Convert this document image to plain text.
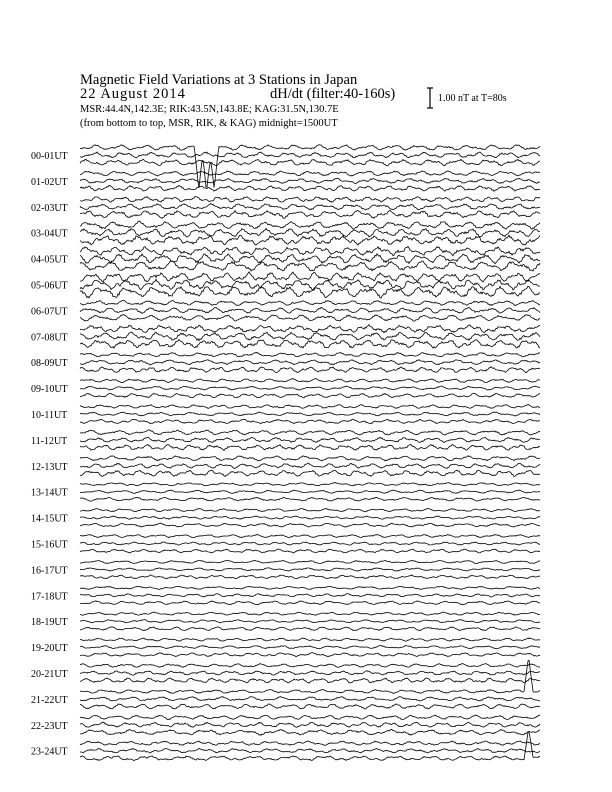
Magnetic Field Variations at 3 Stations in Japan
22 August 2014	dH/dt (filter:40-160s)
MSR:44.4N,142.3E; RIK:43.5N,143.8E; KAG:31.5N,130.7E
(from bottom to top, MSR, RIK, & KAG) midnight=1500UT
1.00 nT at T=80s
00-01UT
01-02UT
02-03UT
03-04UT
04-05UT
05-06UT
06-07UT
07-08UT
08-09UT
09-10UT
10-11UT
11-12UT
12-13UT
13-14UT
14-15UT
15-16UT
16-17UT
17-18UT
18-19UT
19-20UT
20-21UT
21-22UT
22-23UT
23-24UT
